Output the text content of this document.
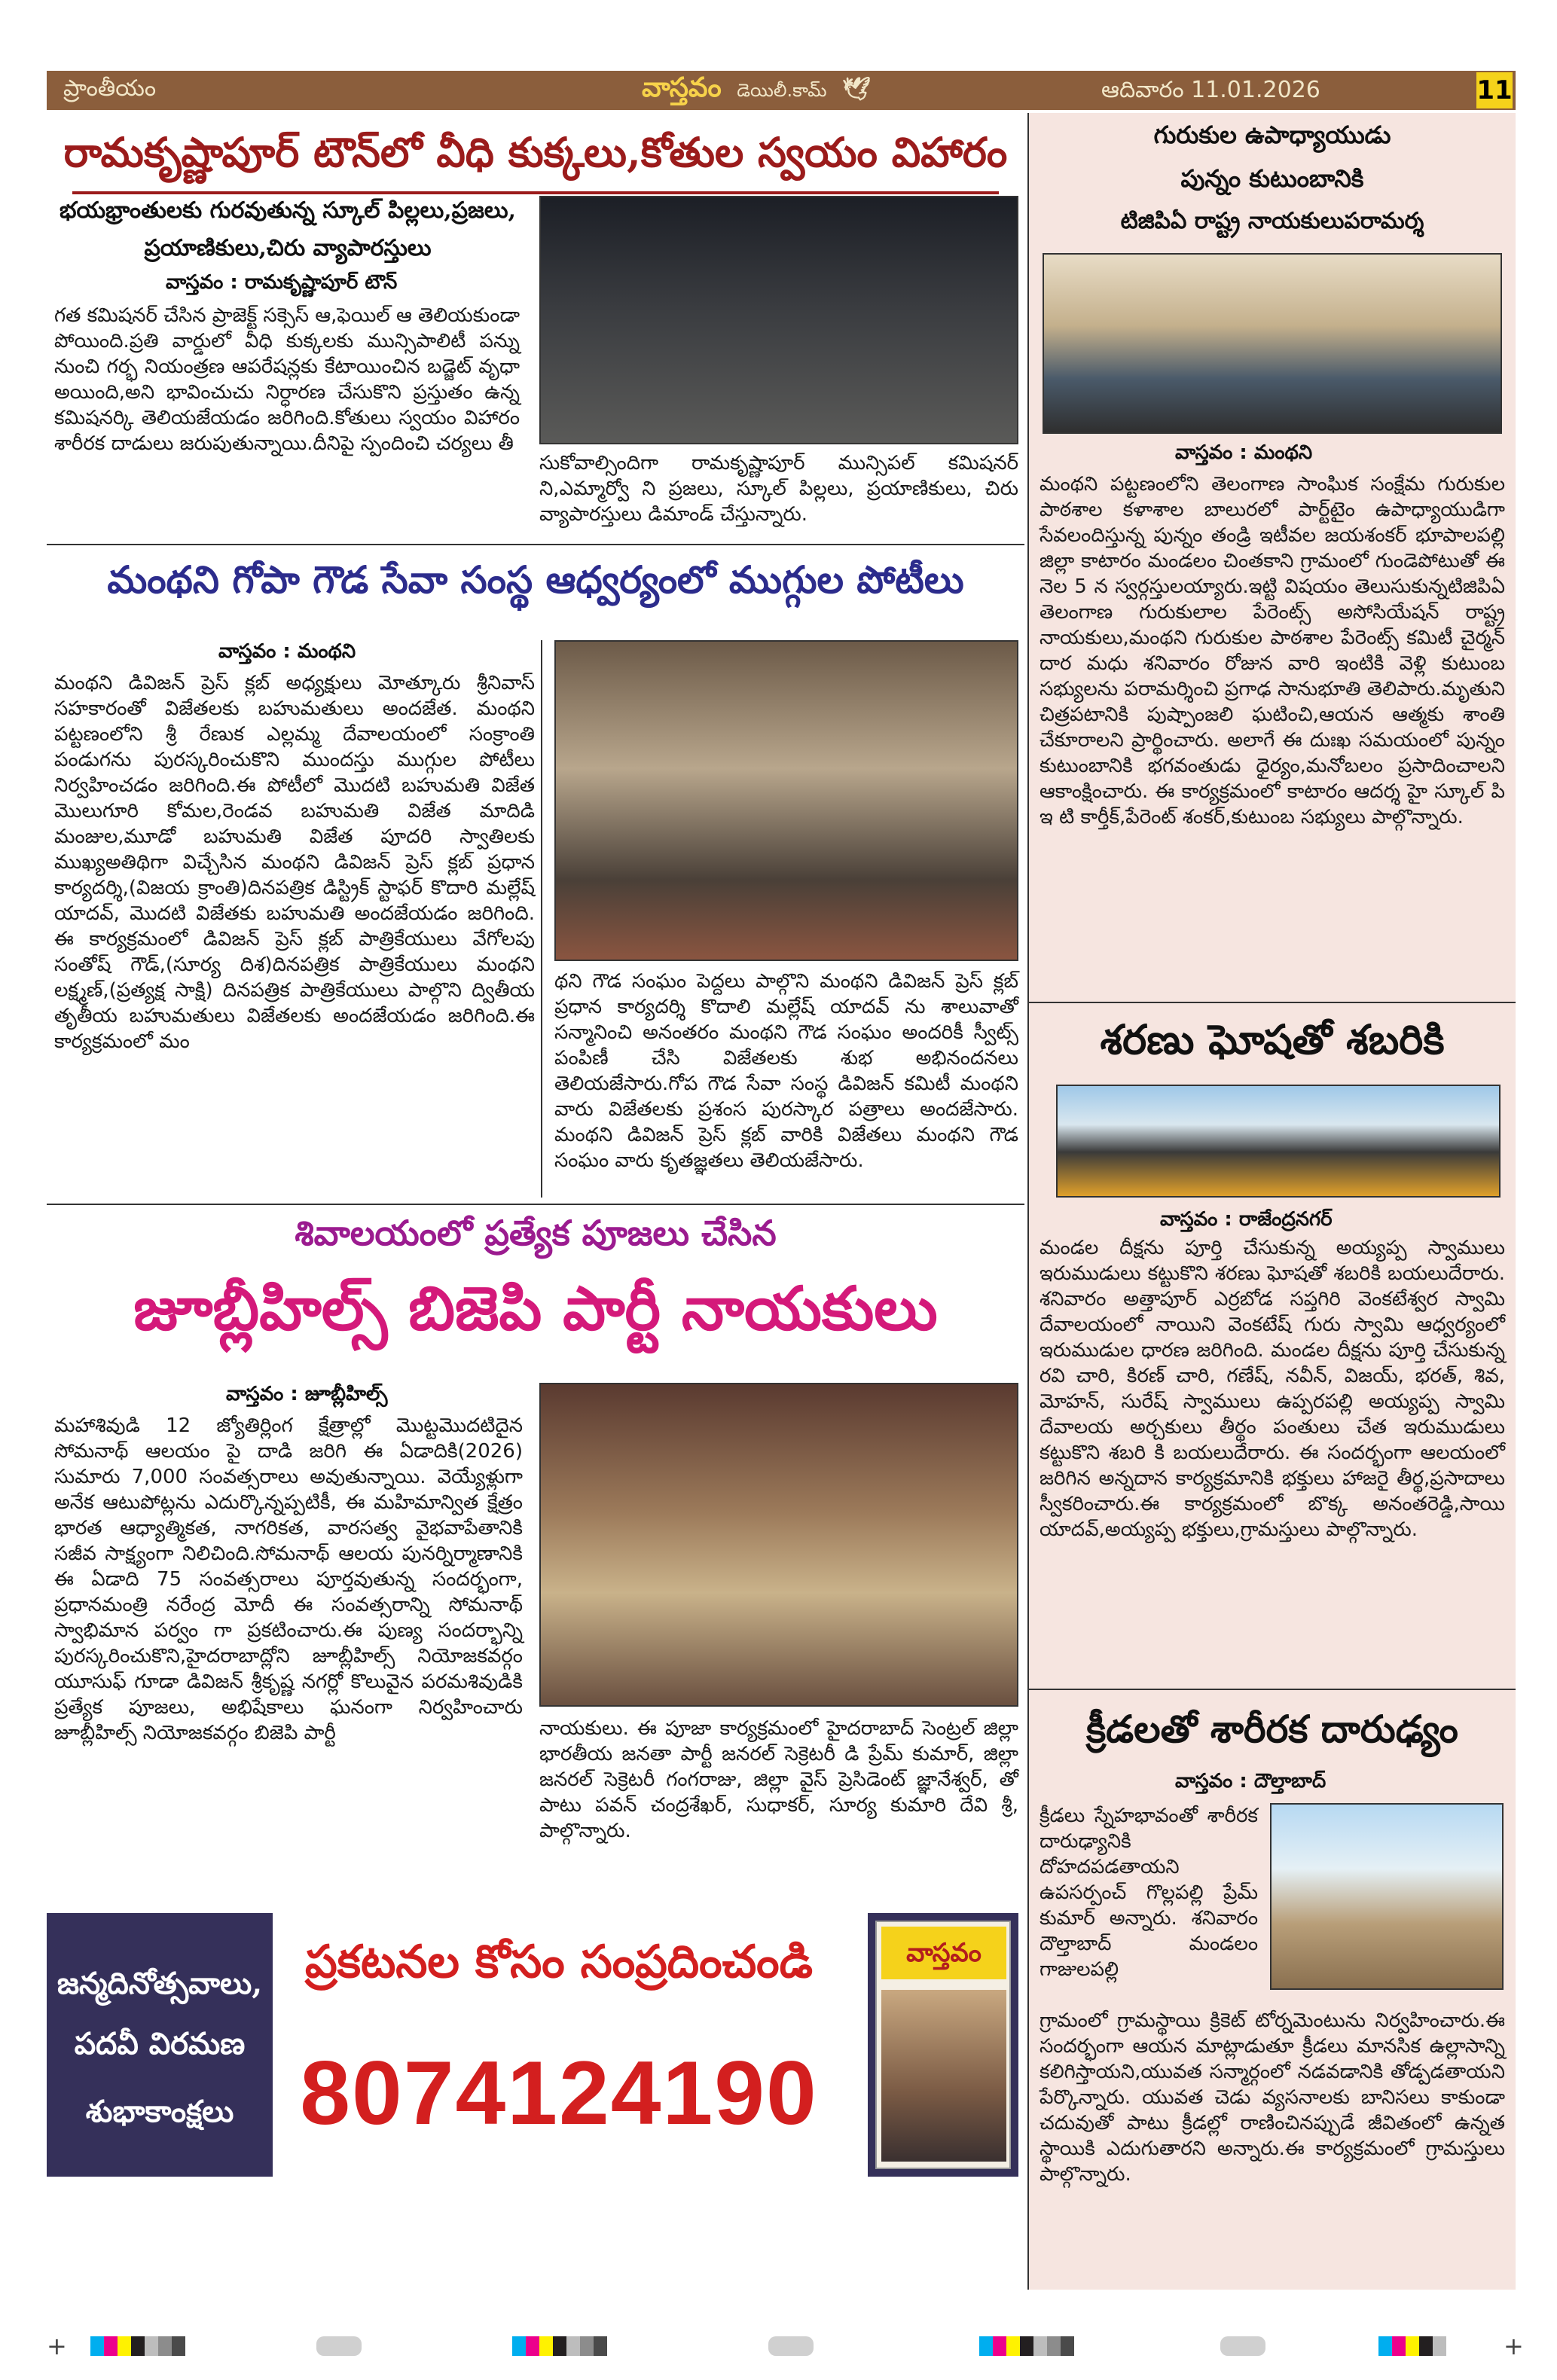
ప్రాంతీయం	వాస్తవం డెయిలీ.కామ్ 🕊	ఆదివారం 11.01.2026	11
రామకృష్ణాపూర్ టౌన్‌లో వీధి కుక్కలు,కోతుల స్వయం విహారం
భయభ్రాంతులకు గురవుతున్న స్కూల్ పిల్లలు,ప్రజలు,
ప్రయాణికులు,చిరు వ్యాపారస్తులు
వాస్తవం : రామకృష్ణాపూర్ టౌన్
గత కమిషనర్ చేసిన ప్రాజెక్ట్ సక్సెస్ ఆ,ఫెయిల్ ఆ తెలియకుండా పోయింది.ప్రతి వార్డులో వీధి కుక్కలకు మున్సిపాలిటీ పన్ను నుంచి గర్భ నియంత్రణ ఆపరేషన్లకు కేటాయించిన బడ్జెట్ వృధా అయింది,అని భావించుచు నిర్ధారణ చేసుకొని ప్రస్తుతం ఉన్న కమిషనర్కి తెలియజేయడం జరిగింది.కోతులు స్వయం విహారం శారీరక దాడులు జరుపుతున్నాయి.దీనిపై స్పందించి చర్యలు తీ
సుకోవాల్సిందిగా రామకృష్ణాపూర్ మున్సిపల్ కమిషనర్ ని,ఎమ్మార్వో ని ప్రజలు, స్కూల్ పిల్లలు, ప్రయాణికులు, చిరు వ్యాపారస్తులు డిమాండ్ చేస్తున్నారు.
మంథని గోపా గౌడ సేవా సంస్థ ఆధ్వర్యంలో ముగ్గుల పోటీలు
వాస్తవం : మంథని
మంథని డివిజన్ ప్రెస్ క్లబ్ అధ్యక్షులు మోత్కూరు శ్రీనివాస్ సహకారంతో విజేతలకు బహుమతులు అందజేత. మంథని పట్టణంలోని శ్రీ రేణుక ఎల్లమ్మ దేవాలయంలో సంక్రాంతి పండుగను పురస్కరించుకొని ముందస్తు ముగ్గుల పోటీలు నిర్వహించడం జరిగింది.ఈ పోటీలో మొదటి బహుమతి విజేత మొలుగూరి కోమల,రెండవ బహుమతి విజేత మాదిడి మంజుల,మూడో బహుమతి విజేత పూదరి స్వాతిలకు ముఖ్యఅతిథిగా విచ్చేసిన మంథని డివిజన్ ప్రెస్ క్లబ్ ప్రధాన కార్యదర్శి,(విజయ క్రాంతి)దినపత్రిక డిస్ట్రిక్ స్టాఫర్ కొదారి మల్లేష్ యాదవ్, మొదటి విజేతకు బహుమతి అందజేయడం జరిగింది. ఈ కార్యక్రమంలో డివిజన్ ప్రెస్ క్లబ్ పాత్రికేయులు వేగోలపు సంతోష్ గౌడ్,(సూర్య దిశ)దినపత్రిక పాత్రికేయులు మంథని లక్ష్మణ్,(ప్రత్యక్ష సాక్షి) దినపత్రిక పాత్రికేయులు పాల్గొని ద్వితీయ తృతీయ బహుమతులు విజేతలకు అందజేయడం జరిగింది.ఈ కార్యక్రమంలో మం
థని గౌడ సంఘం పెద్దలు పాల్గొని మంథని డివిజన్ ప్రెస్ క్లబ్ ప్రధాన కార్యదర్శి కొదాలి మల్లేష్ యాదవ్ ను శాలువాతో సన్మానించి అనంతరం మంథని గౌడ సంఘం అందరికీ స్వీట్స్ పంపిణీ చేసి విజేతలకు శుభ అభినందనలు తెలియజేసారు.గోప గౌడ సేవా సంస్థ డివిజన్ కమిటీ మంథని వారు విజేతలకు ప్రశంస పురస్కార పత్రాలు అందజేసారు. మంథని డివిజన్ ప్రెస్ క్లబ్ వారికి విజేతలు మంథని గౌడ సంఘం వారు కృతజ్ఞతలు తెలియజేసారు.
శివాలయంలో ప్రత్యేక పూజలు చేసిన
జూబ్లీహిల్స్ బిజెపి పార్టీ నాయకులు
వాస్తవం : జూబ్లీహిల్స్
మహాశివుడి 12 జ్యోతిర్లింగ క్షేత్రాల్లో మొట్టమొదటిదైన సోమనాథ్ ఆలయం పై దాడి జరిగి ఈ ఏడాదికి(2026) సుమారు 7,000 సంవత్సరాలు అవుతున్నాయి. వెయ్యేళ్లుగా అనేక ఆటుపోట్లను ఎదుర్కొన్నప్పటికీ, ఈ మహిమాన్విత క్షేత్రం భారత ఆధ్యాత్మికత, నాగరికత, వారసత్వ వైభవాపేతానికి సజీవ సాక్ష్యంగా నిలిచింది.సోమనాథ్ ఆలయ పునర్నిర్మాణానికి ఈ ఏడాది 75 సంవత్సరాలు పూర్తవుతున్న సందర్భంగా, ప్రధానమంత్రి నరేంద్ర మోదీ ఈ సంవత్సరాన్ని సోమనాథ్ స్వాభిమాన పర్వం గా ప్రకటించారు.ఈ పుణ్య సందర్భాన్ని పురస్కరించుకొని,హైదరాబాద్లోని జూబ్లీహిల్స్ నియోజకవర్గం యూసుఫ్ గూడా డివిజన్ శ్రీకృష్ణ నగర్లో కొలువైన పరమశివుడికి ప్రత్యేక పూజలు, అభిషేకాలు ఘనంగా నిర్వహించారు జూబ్లీహిల్స్ నియోజకవర్గం బిజెపి పార్టీ	నాయకులు. ఈ పూజా కార్యక్రమంలో హైదరాబాద్ సెంట్రల్ జిల్లా భారతీయ జనతా పార్టీ జనరల్ సెక్రెటరీ డి ప్రేమ్ కుమార్, జిల్లా జనరల్ సెక్రెటరీ గంగరాజు, జిల్లా వైస్ ప్రెసిడెంట్ జ్ఞానేశ్వర్, తో పాటు పవన్ చంద్రశేఖర్, సుధాకర్, సూర్య కుమారి దేవి శ్రీ, పాల్గొన్నారు.
జన్మదినోత్సవాలు,
పదవీ విరమణ
శుభాకాంక్షలు
ప్రకటనల కోసం సంప్రదించండి
8074124190
వాస్తవం
గురుకుల ఉపాధ్యాయుడు
పున్నం కుటుంబానికి
టిజిపిఏ రాష్ట్ర నాయకులుపరామర్శ
వాస్తవం : మంథని
మంథని పట్టణంలోని తెలంగాణ సాంఘిక సంక్షేమ గురుకుల పాఠశాల కళాశాల బాలురలో పార్ట్‌టైం ఉపాధ్యాయుడిగా సేవలందిస్తున్న పున్నం తండ్రి ఇటీవల జయశంకర్ భూపాలపల్లి జిల్లా కాటారం మండలం చింతకాని గ్రామంలో గుండెపోటుతో ఈ నెల 5 న స్వర్గస్తులయ్యారు.ఇట్టి విషయం తెలుసుకున్నటిజిపిఏ తెలంగాణ గురుకులాల పేరెంట్స్ అసోసియేషన్ రాష్ట్ర నాయకులు,మంథని గురుకుల పాఠశాల పేరెంట్స్ కమిటీ చైర్మన్ దార మధు శనివారం రోజున వారి ఇంటికి వెళ్లి కుటుంబ సభ్యులను పరామర్శించి ప్రగాఢ సానుభూతి తెలిపారు.మృతుని చిత్రపటానికి పుష్పాంజలి ఘటించి,ఆయన ఆత్మకు శాంతి చేకూరాలని ప్రార్థించారు. అలాగే ఈ దుఃఖ సమయంలో పున్నం కుటుంబానికి భగవంతుడు ధైర్యం,మనోబలం ప్రసాదించాలని ఆకాంక్షించారు. ఈ కార్యక్రమంలో కాటారం ఆదర్శ హై స్కూల్ పి ఇ టి కార్తీక్,పేరెంట్ శంకర్,కుటుంబ సభ్యులు పాల్గొన్నారు.
శరణు ఘోషతో శబరికి
వాస్తవం : రాజేంద్రనగర్
మండల దీక్షను పూర్తి చేసుకున్న అయ్యప్ప స్వాములు ఇరుముడులు కట్టుకొని శరణు ఘోషతో శబరికి బయలుదేరారు. శనివారం అత్తాపూర్ ఎర్రబోడ సప్తగిరి వెంకటేశ్వర స్వామి దేవాలయంలో నాయిని వెంకటేష్ గురు స్వామి ఆధ్వర్యంలో ఇరుముడుల ధారణ జరిగింది. మండల దీక్షను పూర్తి చేసుకున్న రవి చారి, కిరణ్ చారి, గణేష్, నవీన్, విజయ్, భరత్, శివ, మోహన్, సురేష్ స్వాములు ఉప్పరపల్లి అయ్యప్ప స్వామి దేవాలయ అర్చకులు తీర్థం పంతులు చేత ఇరుముడులు కట్టుకొని శబరి కి బయలుదేరారు. ఈ సందర్భంగా ఆలయంలో జరిగిన అన్నదాన కార్యక్రమానికి భక్తులు హాజరై తీర్థ,ప్రసాదాలు స్వీకరించారు.ఈ కార్యక్రమంలో బొక్క అనంతరెడ్డి,సాయి యాదవ్,అయ్యప్ప భక్తులు,గ్రామస్తులు పాల్గొన్నారు.
క్రీడలతో శారీరక దారుఢ్యం
వాస్తవం : దౌల్తాబాద్
క్రీడలు స్నేహభావంతో శారీరక దారుఢ్యానికి దోహదపడతాయని ఉపసర్పంచ్ గొల్లపల్లి ప్రేమ్ కుమార్ అన్నారు. శనివారం దౌల్తాబాద్ మండలం గాజులపల్లి
గ్రామంలో గ్రామస్థాయి క్రికెట్ టోర్నమెంటును నిర్వహించారు.ఈ సందర్భంగా ఆయన మాట్లాడుతూ క్రీడలు మానసిక ఉల్లాసాన్ని కలిగిస్తాయని,యువత సన్మార్గంలో నడవడానికి తోడ్పడతాయని పేర్కొన్నారు. యువత చెడు వ్యసనాలకు బానిసలు కాకుండా చదువుతో పాటు క్రీడల్లో రాణించినప్పుడే జీవితంలో ఉన్నత స్థాయికి ఎదుగుతారని అన్నారు.ఈ కార్యక్రమంలో గ్రామస్తులు పాల్గొన్నారు.
+	+
